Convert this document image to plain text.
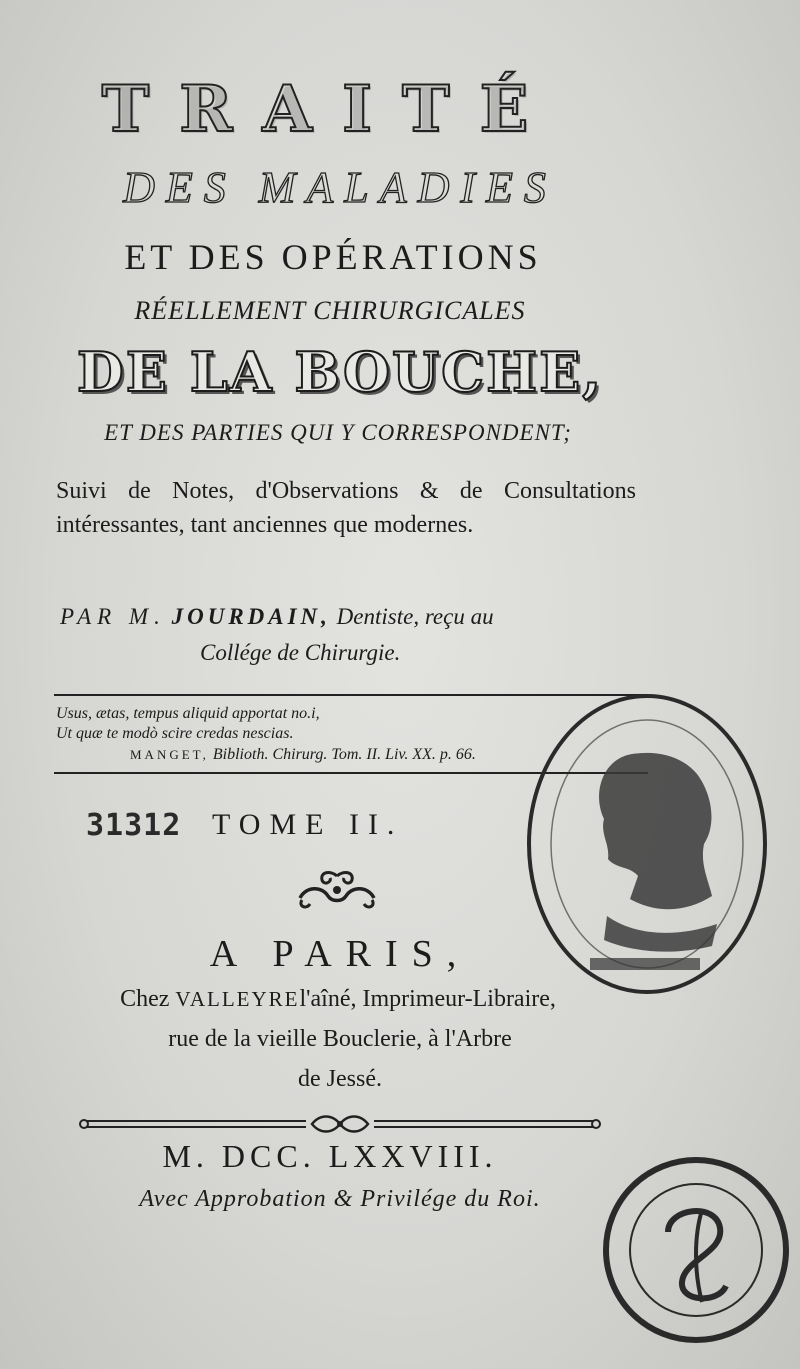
TRAITÉ
DES MALADIES
ET DES OPÉRATIONS
RÉELLEMENT CHIRURGICALES
DE LA BOUCHE,
ET DES PARTIES QUI Y CORRESPONDENT;
Suivi de Notes, d'Observations & de Consultations intéressantes, tant anciennes que modernes.
PAR M. JOURDAIN, Dentiste, reçu au
Collége de Chirurgie.
Usus, ætas, tempus aliquid apportat no.i,
Ut quæ te modò scire credas nescias.
MANGET, Biblioth. Chirurg. Tom. II. Liv. XX. p. 66.
31312 TOME II.
A PARIS,
Chez VALLEYREl'aîné, Imprimeur-Libraire,
rue de la vieille Bouclerie, à l'Arbre
de Jessé.
M. DCC. LXXVIII.
Avec Approbation & Privilége du Roi.
